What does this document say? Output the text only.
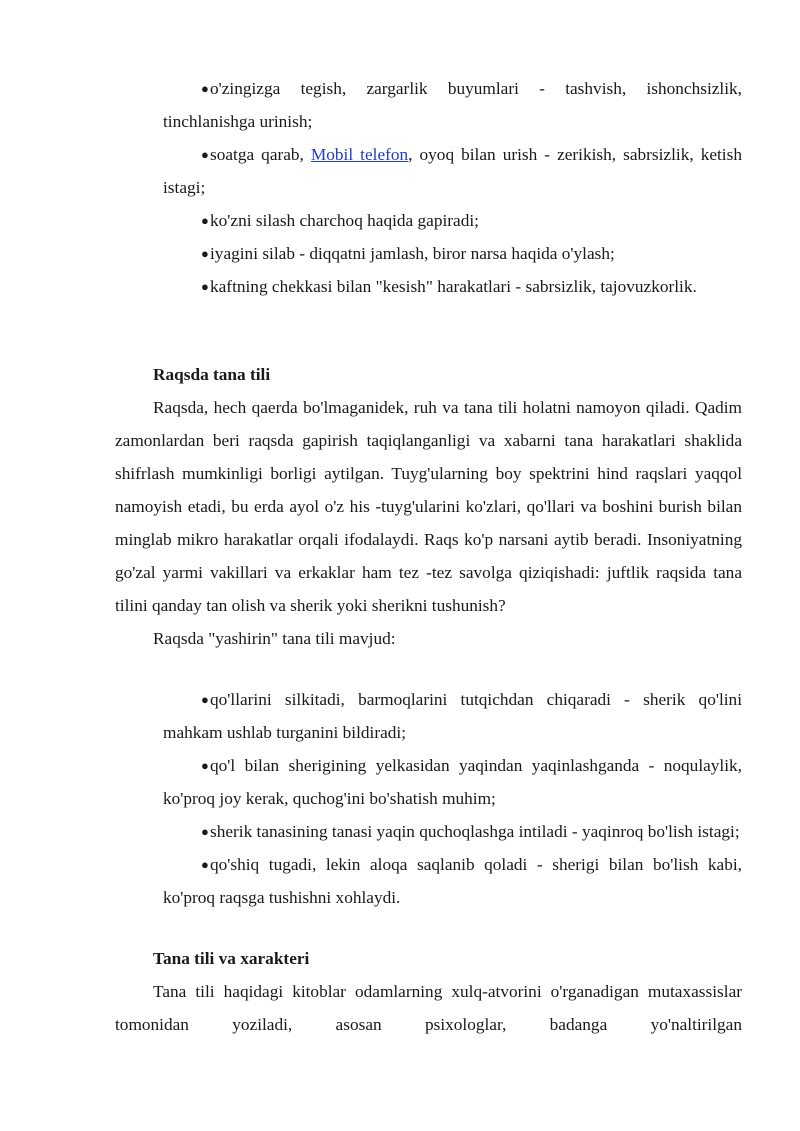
●o'zingizga tegish, zargarlik buyumlari - tashvish, ishonchsizlik, tinchlanishga urinish;
●soatga qarab, Mobil telefon, oyoq bilan urish - zerikish, sabrsizlik, ketish istagi;
●ko'zni silash charchoq haqida gapiradi;
●iyagini silab - diqqatni jamlash, biror narsa haqida o'ylash;
●kaftning chekkasi bilan "kesish" harakatlari - sabrsizlik, tajovuzkorlik.
Raqsda tana tili
Raqsda, hech qaerda bo'lmaganidek, ruh va tana tili holatni namoyon qiladi. Qadim zamonlardan beri raqsda gapirish taqiqlanganligi va xabarni tana harakatlari shaklida shifrlash mumkinligi borligi aytilgan. Tuyg'ularning boy spektrini hind raqslari yaqqol namoyish etadi, bu erda ayol o'z his -tuyg'ularini ko'zlari, qo'llari va boshini burish bilan minglab mikro harakatlar orqali ifodalaydi. Raqs ko'p narsani aytib beradi. Insoniyatning go'zal yarmi vakillari va erkaklar ham tez -tez savolga qiziqishadi: juftlik raqsida tana tilini qanday tan olish va sherik yoki sherikni tushunish?
Raqsda "yashirin" tana tili mavjud:
●qo'llarini silkitadi, barmoqlarini tutqichdan chiqaradi - sherik qo'lini mahkam ushlab turganini bildiradi;
●qo'l bilan sherigining yelkasidan yaqindan yaqinlashganda - noqulaylik, ko'proq joy kerak, quchog'ini bo'shatish muhim;
●sherik tanasining tanasi yaqin quchoqlashga intiladi - yaqinroq bo'lish istagi;
●qo'shiq tugadi, lekin aloqa saqlanib qoladi - sherigi bilan bo'lish kabi, ko'proq raqsga tushishni xohlaydi.
Tana tili va xarakteri
Tana tili haqidagi kitoblar odamlarning xulq-atvorini o'rganadigan mutaxassislar tomonidan yoziladi, asosan psixologlar, badanga yo'naltirilgan
